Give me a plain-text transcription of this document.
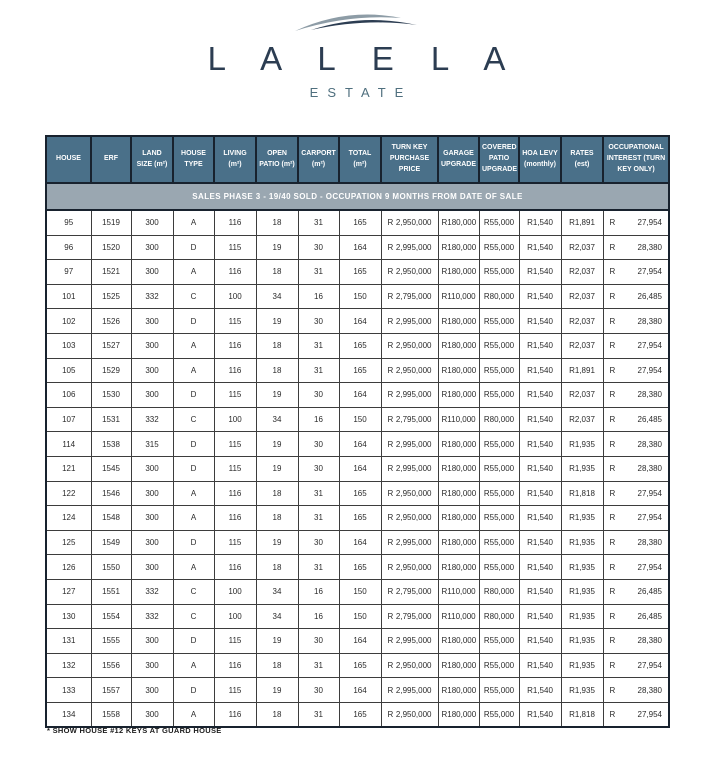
L A L E L A
ESTATE
HOUSE	ERF	LAND SIZE (m²)	HOUSE TYPE	LIVING (m²)	OPEN PATIO (m²)	CARPORT (m²)	TOTAL (m²)	TURN KEY PURCHASE PRICE	GARAGE UPGRADE	COVERED PATIO UPGRADE	HOA LEVY (monthly)	RATES (est)	OCCUPATIONAL INTEREST (TURN KEY ONLY)
SALES PHASE 3 - 19/40 SOLD - OCCUPATION 9 MONTHS FROM DATE OF SALE													
95	1519	300	A	116	18	31	165	R 2,950,000	R180,000	R55,000	R1,540	R1,891	R 27,954

96	1520	300	D	115	19	30	164	R 2,995,000	R180,000	R55,000	R1,540	R2,037	R 28,380

97	1521	300	A	116	18	31	165	R 2,950,000	R180,000	R55,000	R1,540	R2,037	R 27,954

101	1525	332	C	100	34	16	150	R 2,795,000	R110,000	R80,000	R1,540	R2,037	R 26,485

102	1526	300	D	115	19	30	164	R 2,995,000	R180,000	R55,000	R1,540	R2,037	R 28,380

103	1527	300	A	116	18	31	165	R 2,950,000	R180,000	R55,000	R1,540	R2,037	R 27,954

105	1529	300	A	116	18	31	165	R 2,950,000	R180,000	R55,000	R1,540	R1,891	R 27,954

106	1530	300	D	115	19	30	164	R 2,995,000	R180,000	R55,000	R1,540	R2,037	R 28,380

107	1531	332	C	100	34	16	150	R 2,795,000	R110,000	R80,000	R1,540	R2,037	R 26,485

114	1538	315	D	115	19	30	164	R 2,995,000	R180,000	R55,000	R1,540	R1,935	R 28,380

121	1545	300	D	115	19	30	164	R 2,995,000	R180,000	R55,000	R1,540	R1,935	R 28,380

122	1546	300	A	116	18	31	165	R 2,950,000	R180,000	R55,000	R1,540	R1,818	R 27,954

124	1548	300	A	116	18	31	165	R 2,950,000	R180,000	R55,000	R1,540	R1,935	R 27,954

125	1549	300	D	115	19	30	164	R 2,995,000	R180,000	R55,000	R1,540	R1,935	R 28,380

126	1550	300	A	116	18	31	165	R 2,950,000	R180,000	R55,000	R1,540	R1,935	R 27,954

127	1551	332	C	100	34	16	150	R 2,795,000	R110,000	R80,000	R1,540	R1,935	R 26,485

130	1554	332	C	100	34	16	150	R 2,795,000	R110,000	R80,000	R1,540	R1,935	R 26,485

131	1555	300	D	115	19	30	164	R 2,995,000	R180,000	R55,000	R1,540	R1,935	R 28,380

132	1556	300	A	116	18	31	165	R 2,950,000	R180,000	R55,000	R1,540	R1,935	R 27,954

133	1557	300	D	115	19	30	164	R 2,995,000	R180,000	R55,000	R1,540	R1,935	R 28,380

134	1558	300	A	116	18	31	165	R 2,950,000	R180,000	R55,000	R1,540	R1,818	R 27,954
* SHOW HOUSE #12 KEYS AT GUARD HOUSE
